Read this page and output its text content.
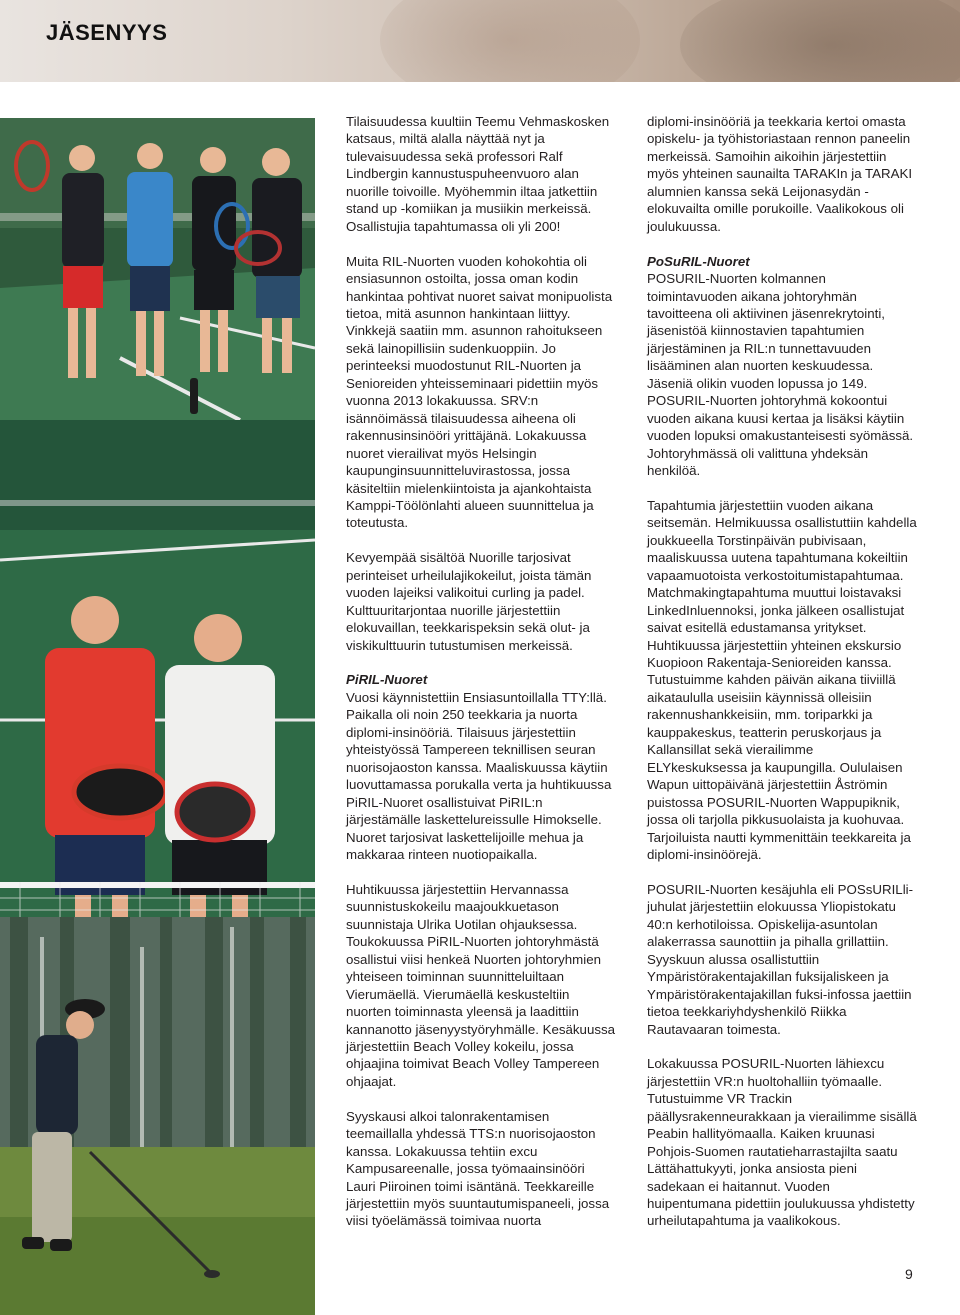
JÄSENYYS

Tilaisuudessa kuultiin Teemu Vehmaskosken katsaus, miltä alalla näyttää nyt ja tulevaisuudessa sekä professori Ralf Lindbergin kannustuspuheenvuoro alan nuorille toivoille. Myöhemmin iltaa jatkettiin stand up -komiikan ja musiikin merkeissä. Osallistujia tapahtumassa oli yli 200!

Muita RIL-Nuorten vuoden kohokohtia oli ensiasunnon ostoilta, jossa oman kodin hankintaa pohtivat nuoret saivat monipuolista tietoa, mitä asunnon hankintaan liittyy. Vinkkejä saatiin mm. asunnon rahoitukseen sekä lainopillisiin sudenkuoppiin. Jo perinteeksi muodostunut RIL-Nuorten ja Senioreiden yhteisseminaari pidettiin myös vuonna 2013 lokakuussa. SRV:n isännöimässä tilaisuudessa aiheena oli rakennusinsinööri yrittäjänä. Lokakuussa nuoret vierailivat myös Helsingin kaupunginsuunnitteluvirastossa, jossa käsiteltiin mielenkiintoista ja ajankohtaista Kamppi-Töölönlahti alueen suunnittelua ja toteutusta.

Kevyempää sisältöä Nuorille tarjosivat perinteiset urheilulajikokeilut, joista tämän vuoden lajeiksi valikoitui curling ja padel. Kulttuuritarjontaa nuorille järjestettiin elokuvaillan, teekkarispeksin sekä olut- ja viskikulttuurin tutustumisen merkeissä.

PiRIL-Nuoret

Vuosi käynnistettiin Ensiasuntoillalla TTY:llä. Paikalla oli noin 250 teekkaria ja nuorta diplomi-insinööriä. Tilaisuus järjestettiin yhteistyössä Tampereen teknillisen seuran nuorisojaoston kanssa. Maaliskuussa käytiin luovuttamassa porukalla verta ja huhtikuussa PiRIL-Nuoret osallistuivat PiRIL:n järjestämälle laskettelureissulle Himokselle. Nuoret tarjosivat laskettelijoille mehua ja makkaraa rinteen nuotiopaikalla.

Huhtikuussa järjestettiin Hervannassa suunnistuskokeilu maajoukkuetason suunnistaja Ulrika Uotilan ohjauksessa. Toukokuussa PiRIL-Nuorten johtoryhmästä osallistui viisi henkeä Nuorten johtoryhmien yhteiseen toiminnan suunnitteluiltaan Vierumäellä. Vierumäellä keskusteltiin nuorten toiminnasta yleensä ja laadittiin kannanotto jäsenyystyöryhmälle. Kesäkuussa järjestettiin Beach Volley kokeilu, jossa ohjaajina toimivat Beach Volley Tampereen ohjaajat.

Syyskausi alkoi talonrakentamisen teemaillalla yhdessä TTS:n nuorisojaoston kanssa. Lokakuussa tehtiin excu Kampusareenalle, jossa työmaainsinööri Lauri Piiroinen toimi isäntänä. Teekkareille järjestettiin myös suuntautumispaneeli, jossa viisi työelämässä toimivaa nuorta

diplomi-insinööriä ja teekkaria kertoi omasta opiskelu- ja työhistoriastaan rennon paneelin merkeissä. Samoihin aikoihin järjestettiin myös yhteinen saunailta TARAKIn ja TARAKI alumnien kanssa sekä Leijonasydän -elokuvailta omille porukoille. Vaalikokous oli joulukuussa.

PoSuRIL-Nuoret

POSURIL-Nuorten kolmannen toimintavuoden aikana johtoryhmän tavoitteena oli aktiivinen jäsenrekrytointi, jäsenistöä kiinnostavien tapahtumien järjestäminen ja RIL:n tunnettavuuden lisääminen alan nuorten keskuudessa. Jäseniä olikin vuoden lopussa jo 149. POSURIL-Nuorten johtoryhmä kokoontui vuoden aikana kuusi kertaa ja lisäksi käytiin vuoden lopuksi omakustanteisesti syömässä. Johtoryhmässä oli valittuna yhdeksän henkilöä.

Tapahtumia järjestettiin vuoden aikana seitsemän. Helmikuussa osallistuttiin kahdella joukkueella Torstinpäivän pubivisaan, maaliskuussa uutena tapahtumana kokeiltiin vapaamuotoista verkostoitumistapahtumaa. Matchmakingtapahtuma muuttui loistavaksi LinkedInluennoksi, jonka jälkeen osallistujat saivat esitellä edustamansa yritykset. Huhtikuussa järjestettiin yhteinen ekskursio Kuopioon Rakentaja-Senioreiden kanssa. Tutustuimme kahden päivän aikana tiiviillä aikataululla useisiin käynnissä olleisiin rakennushankkeisiin, mm. toriparkki ja kauppakeskus, teatterin peruskorjaus ja Kallansillat sekä vierailimme ELYkeskuksessa ja kaupungilla. Oululaisen Wapun uittopäivänä järjestettiin Åströmin puistossa POSURIL-Nuorten Wappupiknik, jossa oli tarjolla pikkusuolaista ja kuohuvaa. Tarjoiluista nautti kymmenittäin teekkareita ja diplomi-insinöörejä.

POSURIL-Nuorten kesäjuhla eli POSsURILli-juhulat järjestettiin elokuussa Yliopistokatu 40:n kerhotiloissa. Opiskelija-asuntolan alakerrassa saunottiin ja pihalla grillattiin. Syyskuun alussa osallistuttiin Ympäristörakentajakillan fuksijaliskeen ja Ympäristörakentajakillan fuksi-infossa jaettiin tietoa teekkariyhdyshenkilö Riikka Rautavaaran toimesta.

Lokakuussa POSURIL-Nuorten lähiexcu järjestettiin VR:n huoltohalliin työmaalle. Tutustuimme VR Trackin päällysrakenneurakkaan ja vierailimme sisällä Peabin hallityömaalla. Kaiken kruunasi Pohjois-Suomen rautatieharrastajilta saatu Lättähattukyyti, jonka ansiosta pieni sadekaan ei haitannut. Vuoden huipentumana pidettiin joulukuussa yhdistetty urheilutapahtuma ja vaalikokous.

9
